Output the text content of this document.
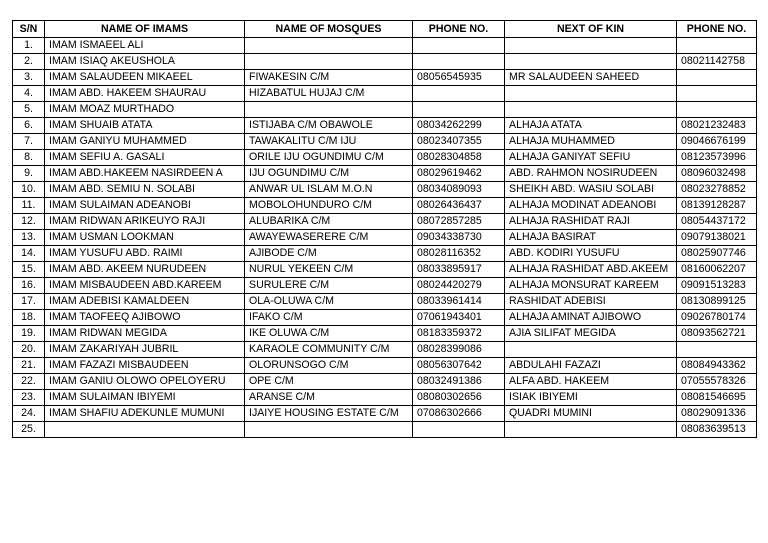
S/N	NAME OF IMAMS	NAME OF MOSQUES	PHONE NO.	NEXT OF KIN	PHONE NO.
1.	IMAM ISMAEEL ALI				
2.	IMAM ISIAQ AKEUSHOLA				08021142758
3.	IMAM SALAUDEEN MIKAEEL	FIWAKESIN C/M	08056545935	MR SALAUDEEN SAHEED	
4.	IMAM ABD. HAKEEM SHAURAU	HIZABATUL HUJAJ C/M			
5.	IMAM MOAZ MURTHADO				
6.	IMAM SHUAIB ATATA	ISTIJABA C/M OBAWOLE	08034262299	ALHAJA ATATA	08021232483
7.	IMAM GANIYU MUHAMMED	TAWAKALITU C/M IJU	08023407355	ALHAJA MUHAMMED	09046676199
8.	IMAM SEFIU A. GASALI	ORILE IJU OGUNDIMU C/M	08028304858	ALHAJA GANIYAT SEFIU	08123573996
9.	IMAM ABD.HAKEEM NASIRDEEN A	IJU OGUNDIMU C/M	08029619462	ABD. RAHMON NOSIRUDEEN	08096032498
10.	IMAM ABD. SEMIU N. SOLABI	ANWAR UL ISLAM M.O.N	08034089093	SHEIKH ABD. WASIU SOLABI	08023278852
11.	IMAM SULAIMAN ADEANOBI	MOBOLOHUNDURO C/M	08026436437	ALHAJA MODINAT ADEANOBI	08139128287
12.	IMAM RIDWAN ARIKEUYO RAJI	ALUBARIKA C/M	08072857285	ALHAJA RASHIDAT RAJI	08054437172
13.	IMAM USMAN LOOKMAN	AWAYEWASERERE C/M	09034338730	ALHAJA BASIRAT	09079138021
14.	IMAM YUSUFU ABD. RAIMI	AJIBODE C/M	08028116352	ABD. KODIRI YUSUFU	08025907746
15.	IMAM ABD. AKEEM NURUDEEN	NURUL YEKEEN C/M	08033895917	ALHAJA RASHIDAT ABD.AKEEM	08160062207
16.	IMAM MISBAUDEEN ABD.KAREEM	SURULERE C/M	08024420279	ALHAJA MONSURAT KAREEM	09091513283
17.	IMAM ADEBISI KAMALDEEN	OLA-OLUWA C/M	08033961414	RASHIDAT ADEBISI	08130899125
18.	IMAM TAOFEEQ AJIBOWO	IFAKO C/M	07061943401	ALHAJA AMINAT AJIBOWO	09026780174
19.	IMAM RIDWAN MEGIDA	IKE OLUWA C/M	08183359372	AJIA SILIFAT MEGIDA	08093562721
20.	IMAM ZAKARIYAH JUBRIL	KARAOLE COMMUNITY C/M	08028399086		
21.	IMAM FAZAZI MISBAUDEEN	OLORUNSOGO C/M	08056307642	ABDULAHI FAZAZI	08084943362
22.	IMAM GANIU OLOWO OPELOYERU	OPE C/M	08032491386	ALFA ABD. HAKEEM	07055578326
23.	IMAM SULAIMAN IBIYEMI	ARANSE C/M	08080302656	ISIAK IBIYEMI	08081546695
24.	IMAM SHAFIU ADEKUNLE MUMUNI	IJAIYE HOUSING ESTATE C/M	07086302666	QUADRI MUMINI	08029091336
25.					08083639513
